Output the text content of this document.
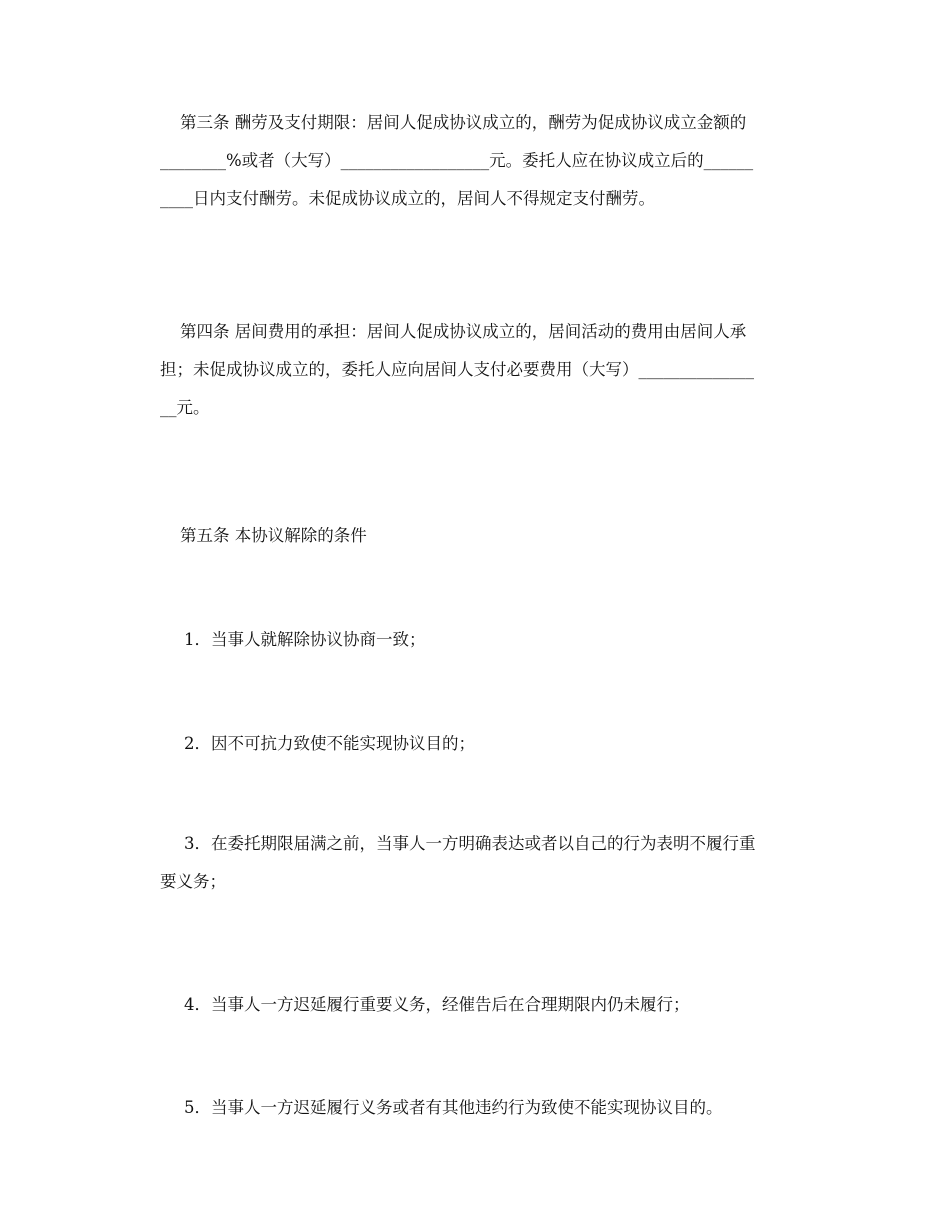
第三条 酬劳及支付期限：居间人促成协议成立的，酬劳为促成协议成立金额的
________%或者（大写）__________________元。委托人应在协议成立后的______
____日内支付酬劳。未促成协议成立的，居间人不得规定支付酬劳。
第四条 居间费用的承担：居间人促成协议成立的，居间活动的费用由居间人承
担；未促成协议成立的，委托人应向居间人支付必要费用（大写）______________
__元。
第五条 本协议解除的条件
1．当事人就解除协议协商一致；
2．因不可抗力致使不能实现协议目的；
3．在委托期限届满之前，当事人一方明确表达或者以自己的行为表明不履行重
要义务；
4．当事人一方迟延履行重要义务，经催告后在合理期限内仍未履行；
5．当事人一方迟延履行义务或者有其他违约行为致使不能实现协议目的。
